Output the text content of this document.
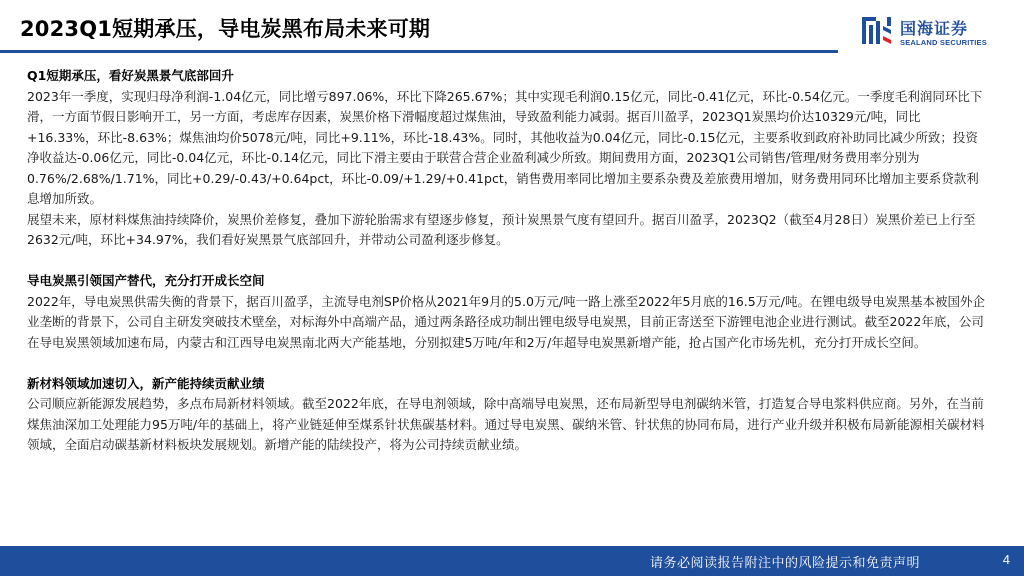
2023Q1短期承压，导电炭黑布局未来可期	国海证券
SEALAND SECURITIES
Q1短期承压，看好炭黑景气底部回升

2023年一季度，实现归母净利润-1.04亿元，同比增亏897.06%，环比下降265.67%；其中实现毛利润0.15亿元，同比-0.41亿元，环比-0.54亿元。一季度毛利润同环比下滑，一方面节假日影响开工，另一方面，考虑库存因素，炭黑价格下滑幅度超过煤焦油，导致盈利能力减弱。据百川盈孚，2023Q1炭黑均价达10329元/吨，同比+16.33%，环比-8.63%；煤焦油均价5078元/吨，同比+9.11%，环比-18.43%。同时，其他收益为0.04亿元，同比-0.15亿元，主要系收到政府补助同比减少所致；投资净收益达-0.06亿元，同比-0.04亿元，环比-0.14亿元，同比下滑主要由于联营合营企业盈利减少所致。期间费用方面，2023Q1公司销售/管理/财务费用率分别为0.76%/2.68%/1.71%，同比+0.29/-0.43/+0.64pct，环比-0.09/+1.29/+0.41pct，销售费用率同比增加主要系杂费及差旅费用增加，财务费用同环比增加主要系贷款利息增加所致。

展望未来，原材料煤焦油持续降价，炭黑价差修复，叠加下游轮胎需求有望逐步修复，预计炭黑景气度有望回升。据百川盈孚，2023Q2（截至4月28日）炭黑价差已上行至2632元/吨，环比+34.97%，我们看好炭黑景气底部回升，并带动公司盈利逐步修复。

导电炭黑引领国产替代，充分打开成长空间

2022年，导电炭黑供需失衡的背景下，据百川盈孚，主流导电剂SP价格从2021年9月的5.0万元/吨一路上涨至2022年5月底的16.5万元/吨。在锂电级导电炭黑基本被国外企业垄断的背景下，公司自主研发突破技术壁垒，对标海外中高端产品，通过两条路径成功制出锂电级导电炭黑，目前正寄送至下游锂电池企业进行测试。截至2022年底，公司在导电炭黑领域加速布局，内蒙古和江西导电炭黑南北两大产能基地，分别拟建5万吨/年和2万/年超导电炭黑新增产能，抢占国产化市场先机，充分打开成长空间。

新材料领域加速切入，新产能持续贡献业绩

公司顺应新能源发展趋势，多点布局新材料领域。截至2022年底，在导电剂领域，除中高端导电炭黑，还布局新型导电剂碳纳米管，打造复合导电浆料供应商。另外，在当前煤焦油深加工处理能力95万吨/年的基础上，将产业链延伸至煤系针状焦碳基材料。通过导电炭黑、碳纳米管、针状焦的协同布局，进行产业升级并积极布局新能源相关碳材料领域，全面启动碳基新材料板块发展规划。新增产能的陆续投产，将为公司持续贡献业绩。

请务必阅读报告附注中的风险提示和免责声明	4
